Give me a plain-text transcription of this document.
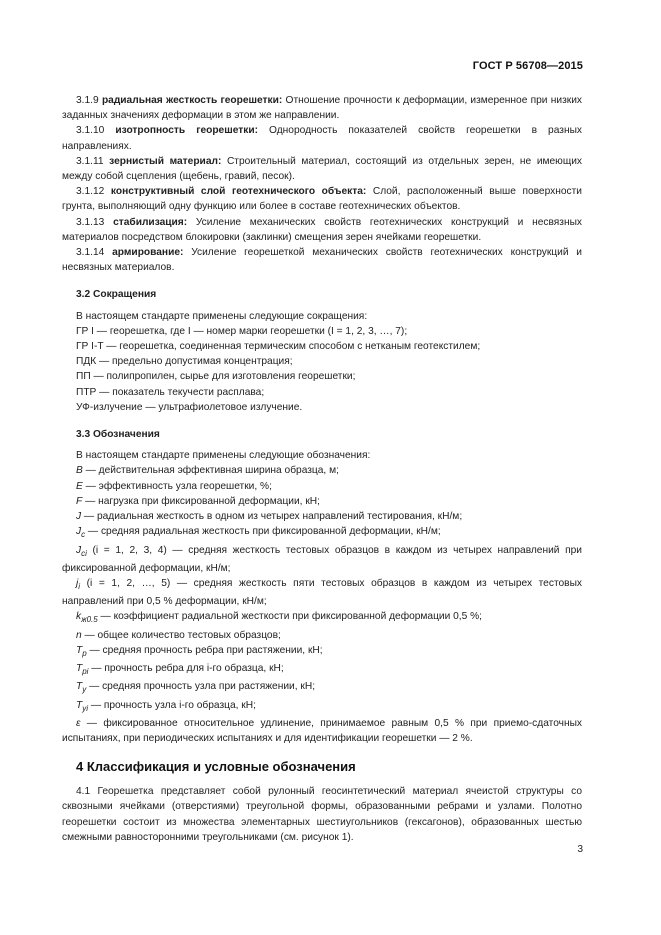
ГОСТ Р 56708—2015

3.1.9 радиальная жесткость георешетки: Отношение прочности к деформации, измеренное при низких заданных значениях деформации в этом же направлении.

3.1.10 изотропность георешетки: Однородность показателей свойств георешетки в разных направлениях.

3.1.11 зернистый материал: Строительный материал, состоящий из отдельных зерен, не имеющих между собой сцепления (щебень, гравий, песок).

3.1.12 конструктивный слой геотехнического объекта: Слой, расположенный выше поверхности грунта, выполняющий одну функцию или более в составе геотехнических объектов.

3.1.13 стабилизация: Усиление механических свойств геотехнических конструкций и несвязных материалов посредством блокировки (заклинки) смещения зерен ячейками георешетки.

3.1.14 армирование: Усиление георешеткой механических свойств геотехнических конструкций и несвязных материалов.

3.2 Сокращения

В настоящем стандарте применены следующие сокращения:

ГР I — георешетка, где I — номер марки георешетки (I = 1, 2, 3, …, 7);

ГР I-T — георешетка, соединенная термическим способом с нетканым геотекстилем;

ПДК — предельно допустимая концентрация;

ПП — полипропилен, сырье для изготовления георешетки;

ПТР — показатель текучести расплава;

УФ-излучение — ультрафиолетовое излучение.

3.3 Обозначения

В настоящем стандарте применены следующие обозначения:

B — действительная эффективная ширина образца, м;

E — эффективность узла георешетки, %;

F — нагрузка при фиксированной деформации, кН;

J — радиальная жесткость в одном из четырех направлений тестирования, кН/м;

$J_c$ — средняя радиальная жесткость при фиксированной деформации, кН/м;

$J_{ci}$ (i = 1, 2, 3, 4) — средняя жесткость тестовых образцов в каждом из четырех направлений при фиксированной деформации, кН/м;

$j_i$ (i = 1, 2, …, 5) — средняя жесткость пяти тестовых образцов в каждом из четырех тестовых направлений при 0,5 % деформации, кН/м;

$k_{ж0.5}$ — коэффициент радиальной жесткости при фиксированной деформации 0,5 %;

n — общее количество тестовых образцов;

$T_p$ — средняя прочность ребра при растяжении, кН;

$T_{pi}$ — прочность ребра для i-го образца, кН;

$T_y$ — средняя прочность узла при растяжении, кН;

$T_{yi}$ — прочность узла i-го образца, кН;

ε — фиксированное относительное удлинение, принимаемое равным 0,5 % при приемо-сдаточных испытаниях, при периодических испытаниях и для идентификации георешетки — 2 %.

4 Классификация и условные обозначения

4.1 Георешетка представляет собой рулонный геосинтетический материал ячеистой структуры со сквозными ячейками (отверстиями) треугольной формы, образованными ребрами и узлами. Полотно георешетки состоит из множества элементарных шестиугольников (гексагонов), образованных шестью смежными равносторонними треугольниками (см. рисунок 1).

3
